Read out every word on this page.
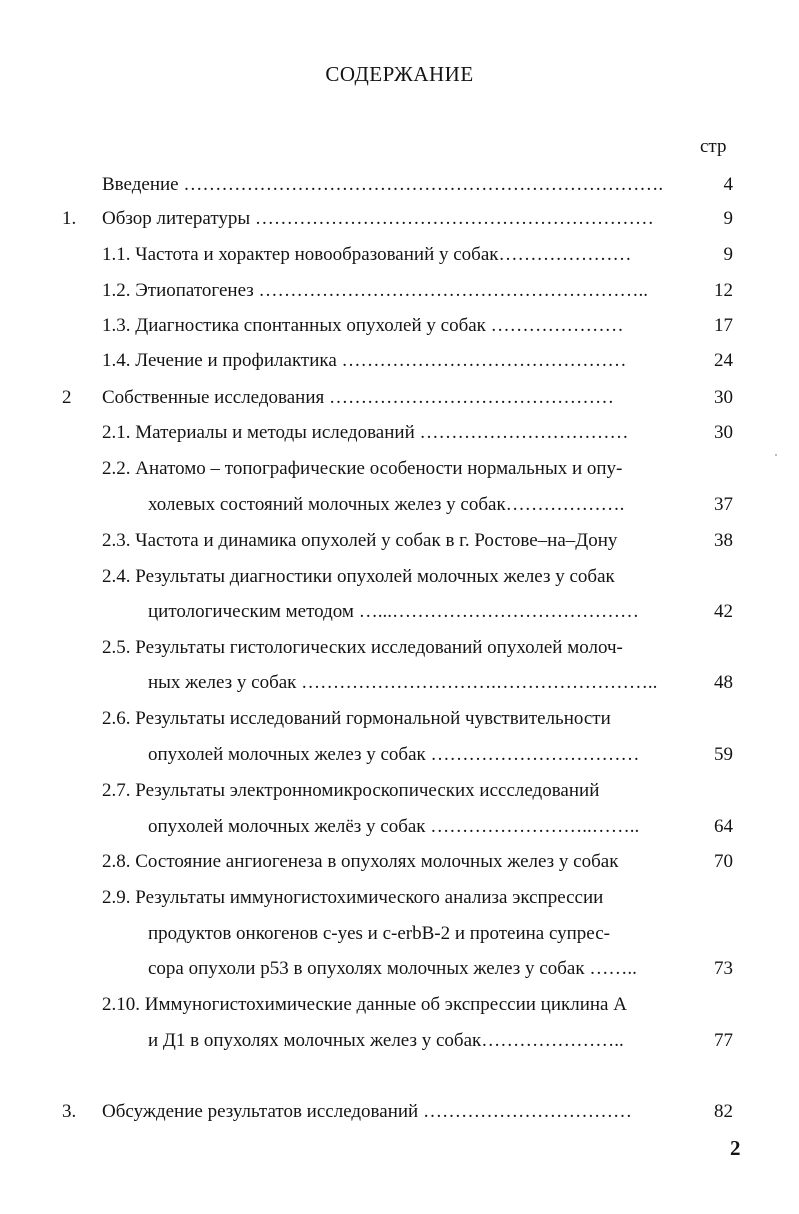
СОДЕРЖАНИЕ
стр
Введение ………………………………………………………………….	4
1. Обзор литературы ………………………………………………………	9
1.1. Частота и хорактер новообразований у собак…………………	9
1.2. Этиопатогенез ……………………………………………………..	12
1.3. Диагностика спонтанных опухолей у собак …………………	17
1.4. Лечение и профилактика ………………………………………	24
2 Собственные исследования ………………………………………	30
2.1. Материалы и методы иследований ……………………………	30
2.2. Анатомо – топографические особености нормальных и опу-
холевых состояний молочных желез у собак……………….	37
2.3. Частота и динамика опухолей у собак в г. Ростове–на–Дону	38
2.4. Результаты диагностики опухолей молочных желез у собак
цитологическим методом …...…………………………………	42
2.5. Результаты гистологических исследований опухолей молоч-
ных желез у собак ………………………….……………………..	48
2.6. Результаты исследований гормональной чувствительности
опухолей молочных желез у собак ……………………………	59
2.7. Результаты электронномикроскопических иссследований
опухолей молочных желёз у собак ……………………..……..	64
2.8. Состояние ангиогенеза в опухолях молочных желез у собак	70
2.9. Результаты иммуногистохимического анализа экспрессии
продуктов онкогенов c-yes и c-erbB-2 и протеина супрес-
сора опухоли p53 в опухолях молочных желез у собак ……..	73
2.10. Иммуногистохимические данные об экспрессии циклина А
и Д1 в опухолях молочных желез у собак…………………..	77
3. Обсуждение результатов исследований ……………………………	82
2
